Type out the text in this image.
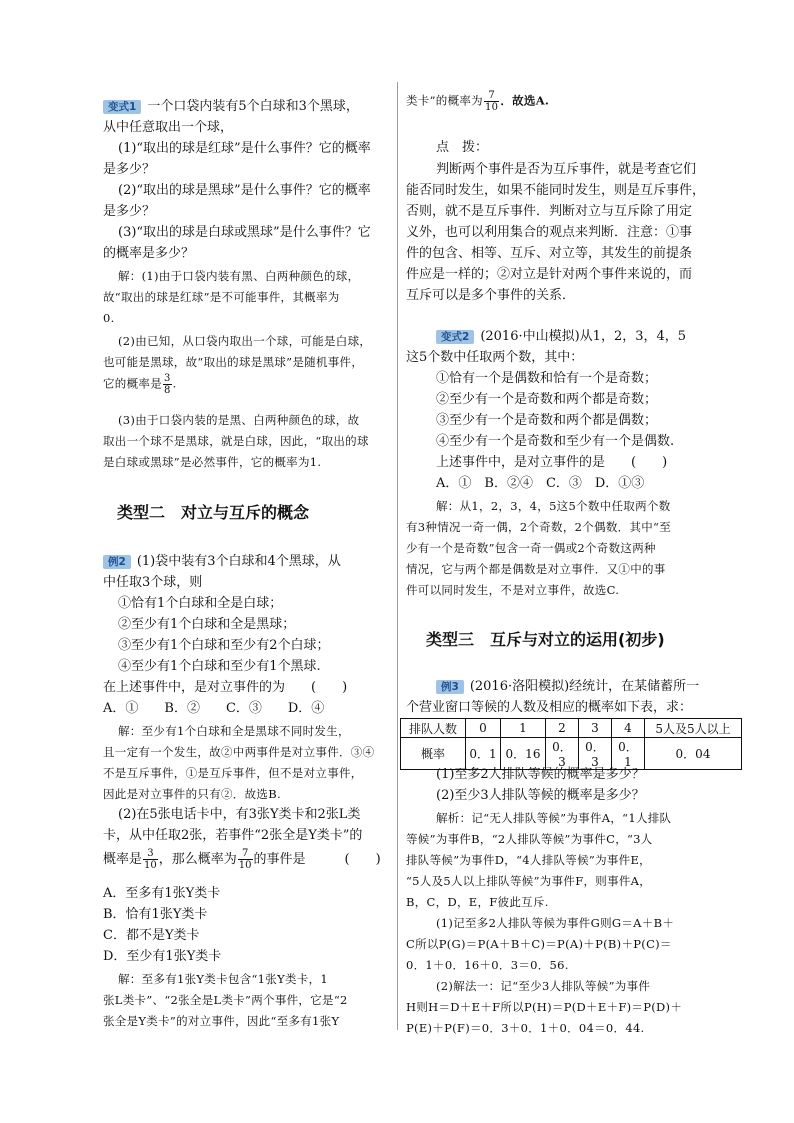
变式1 一个口袋内装有5个白球和3个黑球，
从中任意取出一个球，
(1)“取出的球是红球”是什么事件？它的概率
是多少？
(2)“取出的球是黑球”是什么事件？它的概率
是多少？
(3)“取出的球是白球或黑球”是什么事件？它
的概率是多少？
解：(1)由于口袋内装有黑、白两种颜色的球，
故“取出的球是红球”是不可能事件，其概率为
0.
(2)由已知，从口袋内取出一个球，可能是白球，
也可能是黑球，故“取出的球是黑球”是随机事件，
它的概率是 $\frac{3}{8}$ .
(3)由于口袋内装的是黑、白两种颜色的球，故
取出一个球不是黑球，就是白球，因此，“取出的球
是白球或黑球”是必然事件，它的概率为1.
类型二　对立与互斥的概念
例2 (1)袋中装有3个白球和4个黑球，从
中任取3个球，则
①恰有1个白球和全是白球；
②至少有1个白球和全是黑球；
③至少有1个白球和至少有2个白球；
④至少有1个白球和至少有1个黑球.
在上述事件中，是对立事件的为　　(　　)
A．①　　B．②　　C．③　　D．④
解：至少有1个白球和全是黑球不同时发生，
且一定有一个发生，故②中两事件是对立事件．③④
不是互斥事件，①是互斥事件，但不是对立事件，
因此是对立事件的只有②．故选B.
(2)在5张电话卡中，有3张Y类卡和2张L类
卡，从中任取2张，若事件“2张全是Y类卡”的
概率是 $\frac{3}{10}$ ，那么概率为 $\frac{7}{10}$ 的事件是　　　(　　)
A．至多有1张Y类卡
B．恰有1张Y类卡
C．都不是Y类卡
D．至少有1张Y类卡
解：至多有1张Y类卡包含“1张Y类卡，1
张L类卡”、“2张全是L类卡”两个事件，它是“2
张全是Y类卡”的对立事件，因此“至多有1张Y
类卡”的概率为 $\frac{7}{10}$ ．故选A.
点　拨：
判断两个事件是否为互斥事件，就是考查它们
能否同时发生，如果不能同时发生，则是互斥事件，
否则，就不是互斥事件．判断对立与互斥除了用定
义外，也可以利用集合的观点来判断．注意：①事
件的包含、相等、互斥、对立等，其发生的前提条
件应是一样的；②对立是针对两个事件来说的，而
互斥可以是多个事件的关系．
变式2 (2016·中山模拟)从1，2，3，4，5
这5个数中任取两个数，其中：
①恰有一个是偶数和恰有一个是奇数；
②至少有一个是奇数和两个都是奇数；
③至少有一个是奇数和两个都是偶数；
④至少有一个是奇数和至少有一个是偶数.
上述事件中，是对立事件的是　　(　　)
A．①　B．②④　C．③　D．①③
解：从1，2，3，4，5这5个数中任取两个数
有3种情况一奇一偶，2个奇数，2个偶数．其中“至
少有一个是奇数”包含一奇一偶或2个奇数这两种
情况，它与两个都是偶数是对立事件．又①中的事
件可以同时发生，不是对立事件，故选C.
类型三　互斥与对立的运用(初步)
例3 (2016·洛阳模拟)经统计，在某储蓄所一
个营业窗口等候的人数及相应的概率如下表，求：
排队人数	0	1	2	3	4	5人及5人以上
概率	0．1	0．16	0．3	0．3	0．1	0．04
(1)至多2人排队等候的概率是多少？
(2)至少3人排队等候的概率是多少？
解析：记“无人排队等候”为事件A，“1人排队
等候”为事件B，“2人排队等候”为事件C，“3人
排队等候”为事件D，“4人排队等候”为事件E，
“5人及5人以上排队等候”为事件F，则事件A，
B，C，D，E，F彼此互斥.
(1)记至多2人排队等候为事件G则G＝A＋B＋
C所以P(G)＝P(A＋B＋C)＝P(A)＋P(B)＋P(C)＝
0．1＋0．16＋0．3＝0．56.
(2)解法一：记“至少3人排队等候”为事件
H则H＝D＋E＋F所以P(H)＝P(D＋E＋F)＝P(D)＋
P(E)＋P(F)＝0．3＋0．1＋0．04＝0．44.
